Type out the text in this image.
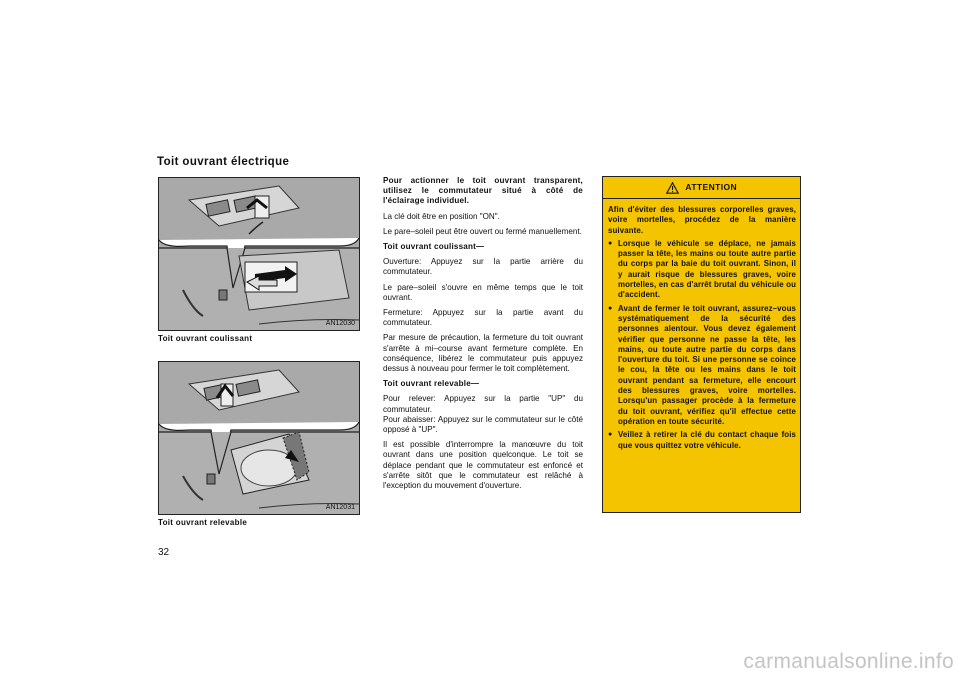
Toit ouvrant électrique
AN12030
Toit ouvrant coulissant
AN12031
Toit ouvrant relevable

Pour actionner le toit ouvrant transparent, utilisez le commutateur situé à côté de l'éclairage individuel.

La clé doit être en position "ON".

Le pare–soleil peut être ouvert ou fermé manuellement.

Toit ouvrant coulissant—

Ouverture: Appuyez sur la partie arrière du commutateur.

Le pare–soleil s'ouvre en même temps que le toit ouvrant.

Fermeture: Appuyez sur la partie avant du commutateur.

Par mesure de précaution, la fermeture du toit ouvrant s'arrête à mi–course avant fermeture complète. En conséquence, libérez le commutateur puis appuyez dessus à nouveau pour fermer le toit complètement.

Toit ouvrant relevable—

Pour relever: Appuyez sur la partie "UP" du commutateur.

Pour abaisser: Appuyez sur le commutateur sur le côté opposé à "UP".

Il est possible d'interrompre la manœuvre du toit ouvrant dans une position quelconque. Le toit se déplace pendant que le commutateur est enfoncé et s'arrête sitôt que le commutateur est relâché à l'exception du mouvement d'ouverture.

ATTENTION

Afin d'éviter des blessures corporelles graves, voire mortelles, procédez de la manière suivante.

● Lorsque le véhicule se déplace, ne jamais passer la tête, les mains ou toute autre partie du corps par la baie du toit ouvrant. Sinon, il y aurait risque de blessures graves, voire mortelles, en cas d'arrêt brutal du véhicule ou d'accident.
● Avant de fermer le toit ouvrant, assurez–vous systématiquement de la sécurité des personnes alentour. Vous devez également vérifier que personne ne passe la tête, les mains, ou toute autre partie du corps dans l'ouverture du toit. Si une personne se coince le cou, la tête ou les mains dans le toit ouvrant pendant sa fermeture, elle encourt des blessures graves, voire mortelles. Lorsqu'un passager procède à la fermeture du toit ouvrant, vérifiez qu'il effectue cette opération en toute sécurité.
● Veillez à retirer la clé du contact chaque fois que vous quittez votre véhicule.
32
carmanualsonline.info
